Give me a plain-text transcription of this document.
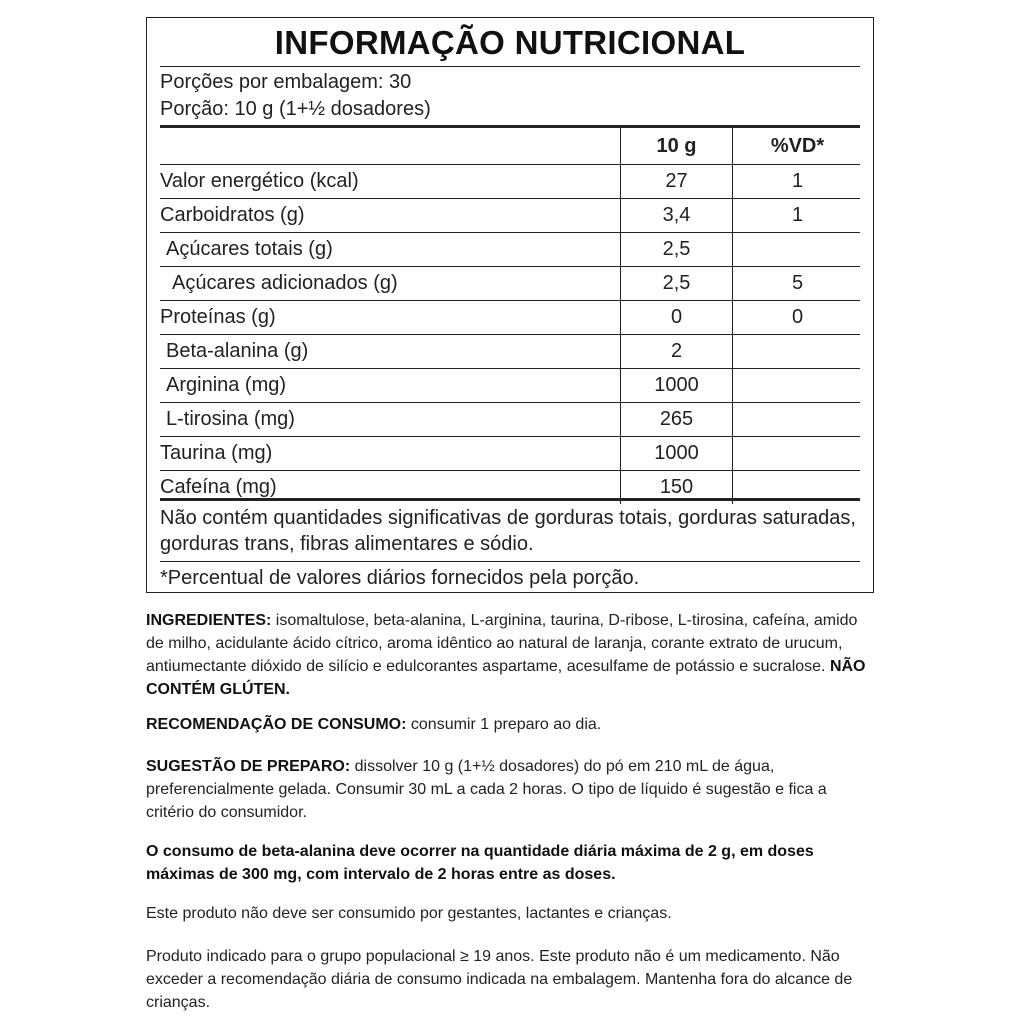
INFORMAÇÃO NUTRICIONAL
Porções por embalagem: 30
Porção: 10 g (1+½ dosadores)
10 g	%VD*
Valor energético (kcal)	27	1
Carboidratos (g)	3,4	1
Açúcares totais (g)	2,5
Açúcares adicionados (g)	2,5	5
Proteínas (g)	0	0
Beta-alanina (g)	2
Arginina (mg)	1000
L-tirosina (mg)	265
Taurina (mg)	1000
Cafeína (mg)	150
Não contém quantidades significativas de gorduras totais, gorduras saturadas, gorduras trans, fibras alimentares e sódio.
*Percentual de valores diários fornecidos pela porção.
INGREDIENTES: isomaltulose, beta-alanina, L-arginina, taurina, D-ribose, L-tirosina, cafeína, amido de milho, acidulante ácido cítrico, aroma idêntico ao natural de laranja, corante extrato de urucum, antiumectante dióxido de silício e edulcorantes aspartame, acesulfame de potássio e sucralose. NÃO CONTÉM GLÚTEN.
RECOMENDAÇÃO DE CONSUMO: consumir 1 preparo ao dia.
SUGESTÃO DE PREPARO: dissolver 10 g (1+½ dosadores) do pó em 210 mL de água, preferencialmente gelada. Consumir 30 mL a cada 2 horas. O tipo de líquido é sugestão e fica a critério do consumidor.
O consumo de beta-alanina deve ocorrer na quantidade diária máxima de 2 g, em doses máximas de 300 mg, com intervalo de 2 horas entre as doses.
Este produto não deve ser consumido por gestantes, lactantes e crianças.
Produto indicado para o grupo populacional ≥ 19 anos. Este produto não é um medicamento. Não exceder a recomendação diária de consumo indicada na embalagem. Mantenha fora do alcance de crianças.
